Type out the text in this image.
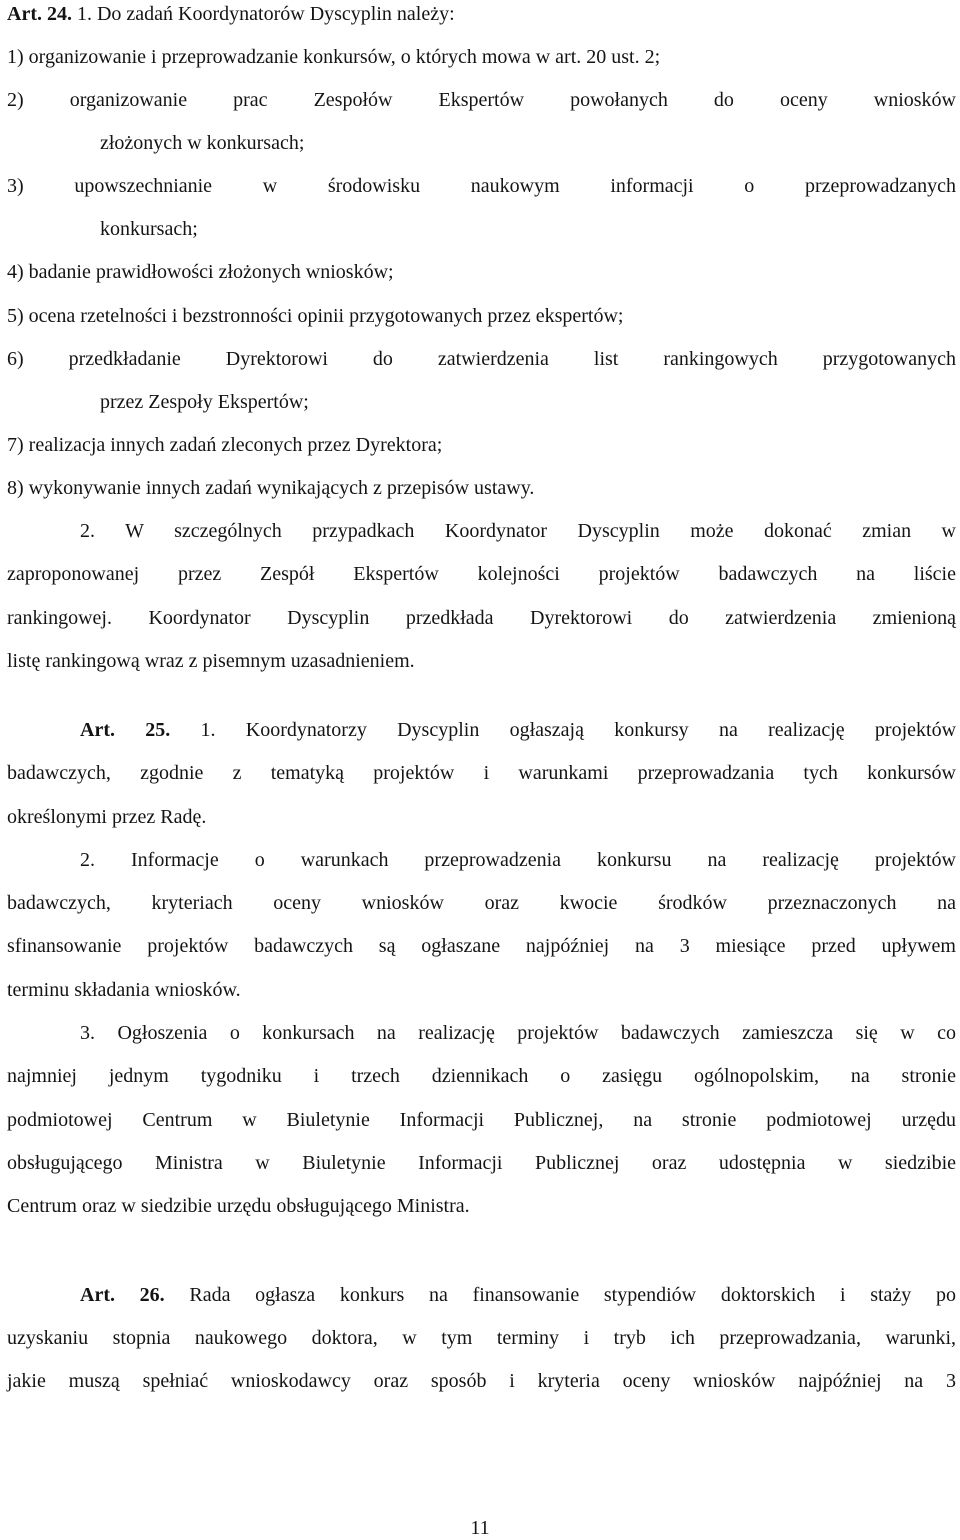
Art. 24. 1. Do zadań Koordynatorów Dyscyplin należy:
1) organizowanie i przeprowadzanie konkursów, o których mowa w art. 20 ust. 2;
2) organizowanie prac Zespołów Ekspertów powołanych do oceny wniosków
złożonych w konkursach;
3) upowszechnianie w środowisku naukowym informacji o przeprowadzanych
konkursach;
4) badanie prawidłowości złożonych wniosków;
5) ocena rzetelności i bezstronności opinii przygotowanych przez ekspertów;
6) przedkładanie Dyrektorowi do zatwierdzenia list rankingowych przygotowanych
przez Zespoły Ekspertów;
7) realizacja innych zadań zleconych przez Dyrektora;
8) wykonywanie innych zadań wynikających z przepisów ustawy.
2. W szczególnych przypadkach Koordynator Dyscyplin może dokonać zmian w
zaproponowanej przez Zespół Ekspertów kolejności projektów badawczych na liście
rankingowej. Koordynator Dyscyplin przedkłada Dyrektorowi do zatwierdzenia zmienioną
listę rankingową wraz z pisemnym uzasadnieniem.
Art. 25. 1. Koordynatorzy Dyscyplin ogłaszają konkursy na realizację projektów
badawczych, zgodnie z tematyką projektów i warunkami przeprowadzania tych konkursów
określonymi przez Radę.
2. Informacje o warunkach przeprowadzenia konkursu na realizację projektów
badawczych, kryteriach oceny wniosków oraz kwocie środków przeznaczonych na
sfinansowanie projektów badawczych są ogłaszane najpóźniej na 3 miesiące przed upływem
terminu składania wniosków.
3. Ogłoszenia o konkursach na realizację projektów badawczych zamieszcza się w co
najmniej jednym tygodniku i trzech dziennikach o zasięgu ogólnopolskim, na stronie
podmiotowej Centrum w Biuletynie Informacji Publicznej, na stronie podmiotowej urzędu
obsługującego Ministra w Biuletynie Informacji Publicznej oraz udostępnia w siedzibie
Centrum oraz w siedzibie urzędu obsługującego Ministra.
Art. 26. Rada ogłasza konkurs na finansowanie stypendiów doktorskich i staży po
uzyskaniu stopnia naukowego doktora, w tym terminy i tryb ich przeprowadzania, warunki,
jakie muszą spełniać wnioskodawcy oraz sposób i kryteria oceny wniosków najpóźniej na 3
11
